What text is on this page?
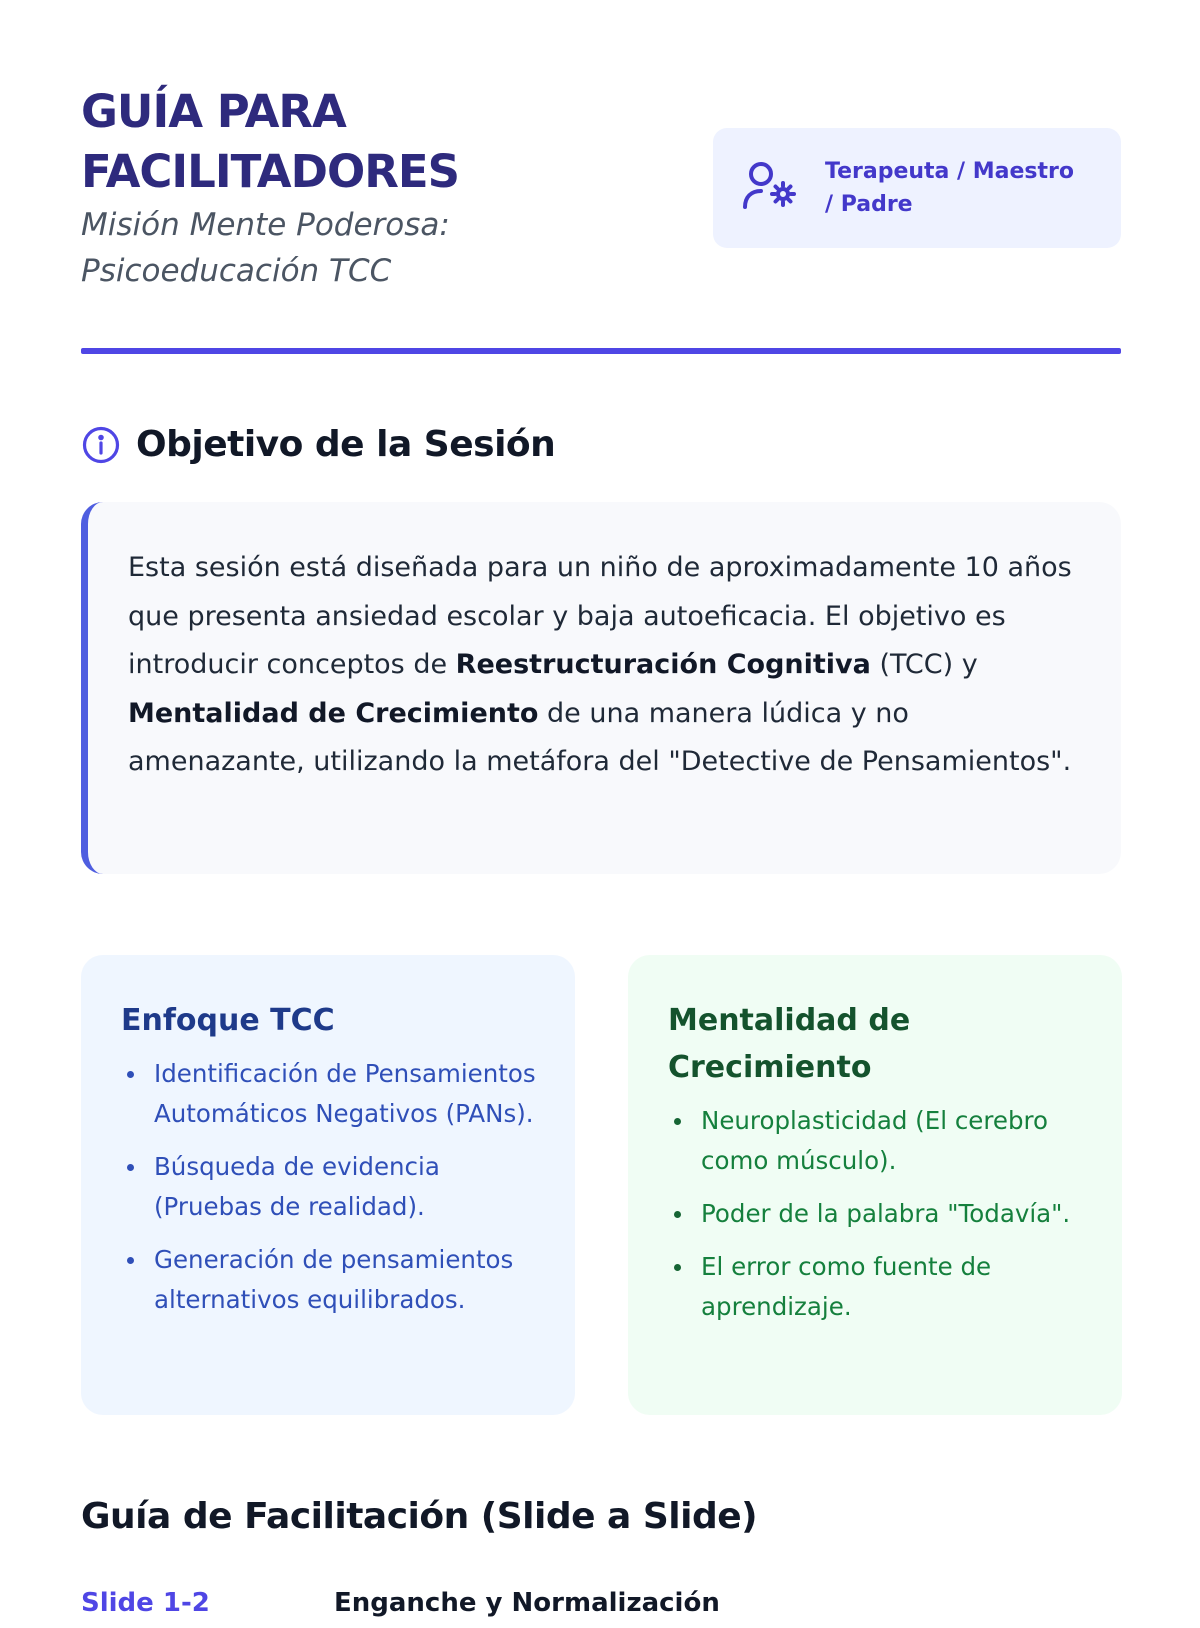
GUÍA PARA FACILITADORES
Misión Mente Poderosa: Psicoeducación TCC
Terapeuta / Maestro / Padre
Objetivo de la Sesión

Esta sesión está diseñada para un niño de aproximadamente 10 años que presenta ansiedad escolar y baja autoeficacia. El objetivo es introducir conceptos de Reestructuración Cognitiva (TCC) y Mentalidad de Crecimiento de una manera lúdica y no amenazante, utilizando la metáfora del "Detective de Pensamientos".

Enfoque TCC
Identificación de Pensamientos Automáticos Negativos (PANs).
Búsqueda de evidencia (Pruebas de realidad).
Generación de pensamientos alternativos equilibrados.
Mentalidad de Crecimiento
Neuroplasticidad (El cerebro como músculo).
Poder de la palabra "Todavía".
El error como fuente de aprendizaje.
Guía de Facilitación (Slide a Slide)
Slide 1-2	Enganche y Normalización
